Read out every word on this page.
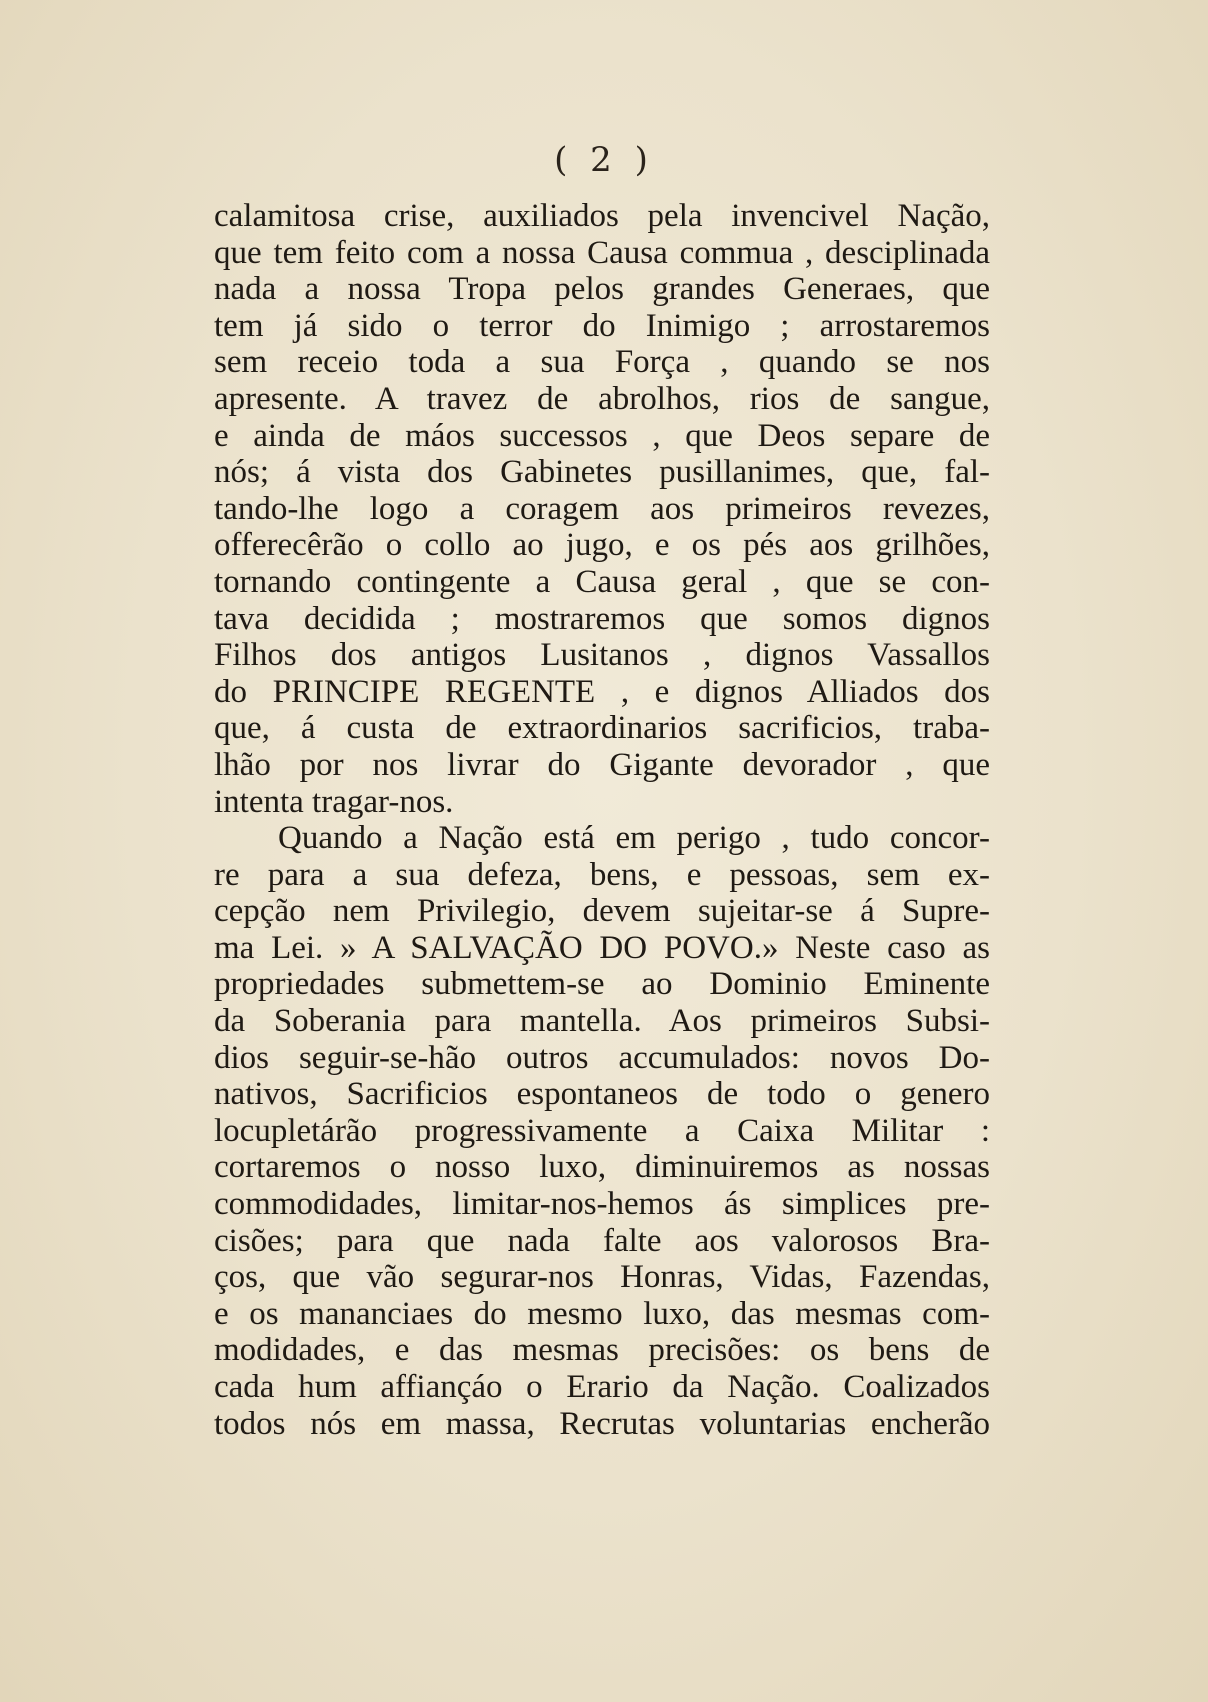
( 2 )
calamitosa crise, auxiliados pela invencivel Nação,
que tem feito com a nossa Causa commua , desciplinada
nada a nossa Tropa pelos grandes Generaes, que
tem já sido o terror do Inimigo ; arrostaremos
sem receio toda a sua Força , quando se nos
apresente. A travez de abrolhos, rios de sangue,
e ainda de máos successos , que Deos separe de
nós; á vista dos Gabinetes pusillanimes, que, fal-
tando-lhe logo a coragem aos primeiros revezes,
offerecêrão o collo ao jugo, e os pés aos grilhões,
tornando contingente a Causa geral , que se con-
tava decidida ; mostraremos que somos dignos
Filhos dos antigos Lusitanos , dignos Vassallos
do PRINCIPE REGENTE , e dignos Alliados dos
que, á custa de extraordinarios sacrificios, traba-
lhão por nos livrar do Gigante devorador , que
intenta tragar-nos.
Quando a Nação está em perigo , tudo concor-
re para a sua defeza, bens, e pessoas, sem ex-
cepção nem Privilegio, devem sujeitar-se á Supre-
ma Lei. » A SALVAÇÃO DO POVO.» Neste caso as
propriedades submettem-se ao Dominio Eminente
da Soberania para mantella. Aos primeiros Subsi-
dios seguir-se-hão outros accumulados: novos Do-
nativos, Sacrificios espontaneos de todo o genero
locupletárão progressivamente a Caixa Militar :
cortaremos o nosso luxo, diminuiremos as nossas
commodidades, limitar-nos-hemos ás simplices pre-
cisões; para que nada falte aos valorosos Bra-
ços, que vão segurar-nos Honras, Vidas, Fazendas,
e os mananciaes do mesmo luxo, das mesmas com-
modidades, e das mesmas precisões: os bens de
cada hum affiançáo o Erario da Nação. Coalizados
todos nós em massa, Recrutas voluntarias encherão
